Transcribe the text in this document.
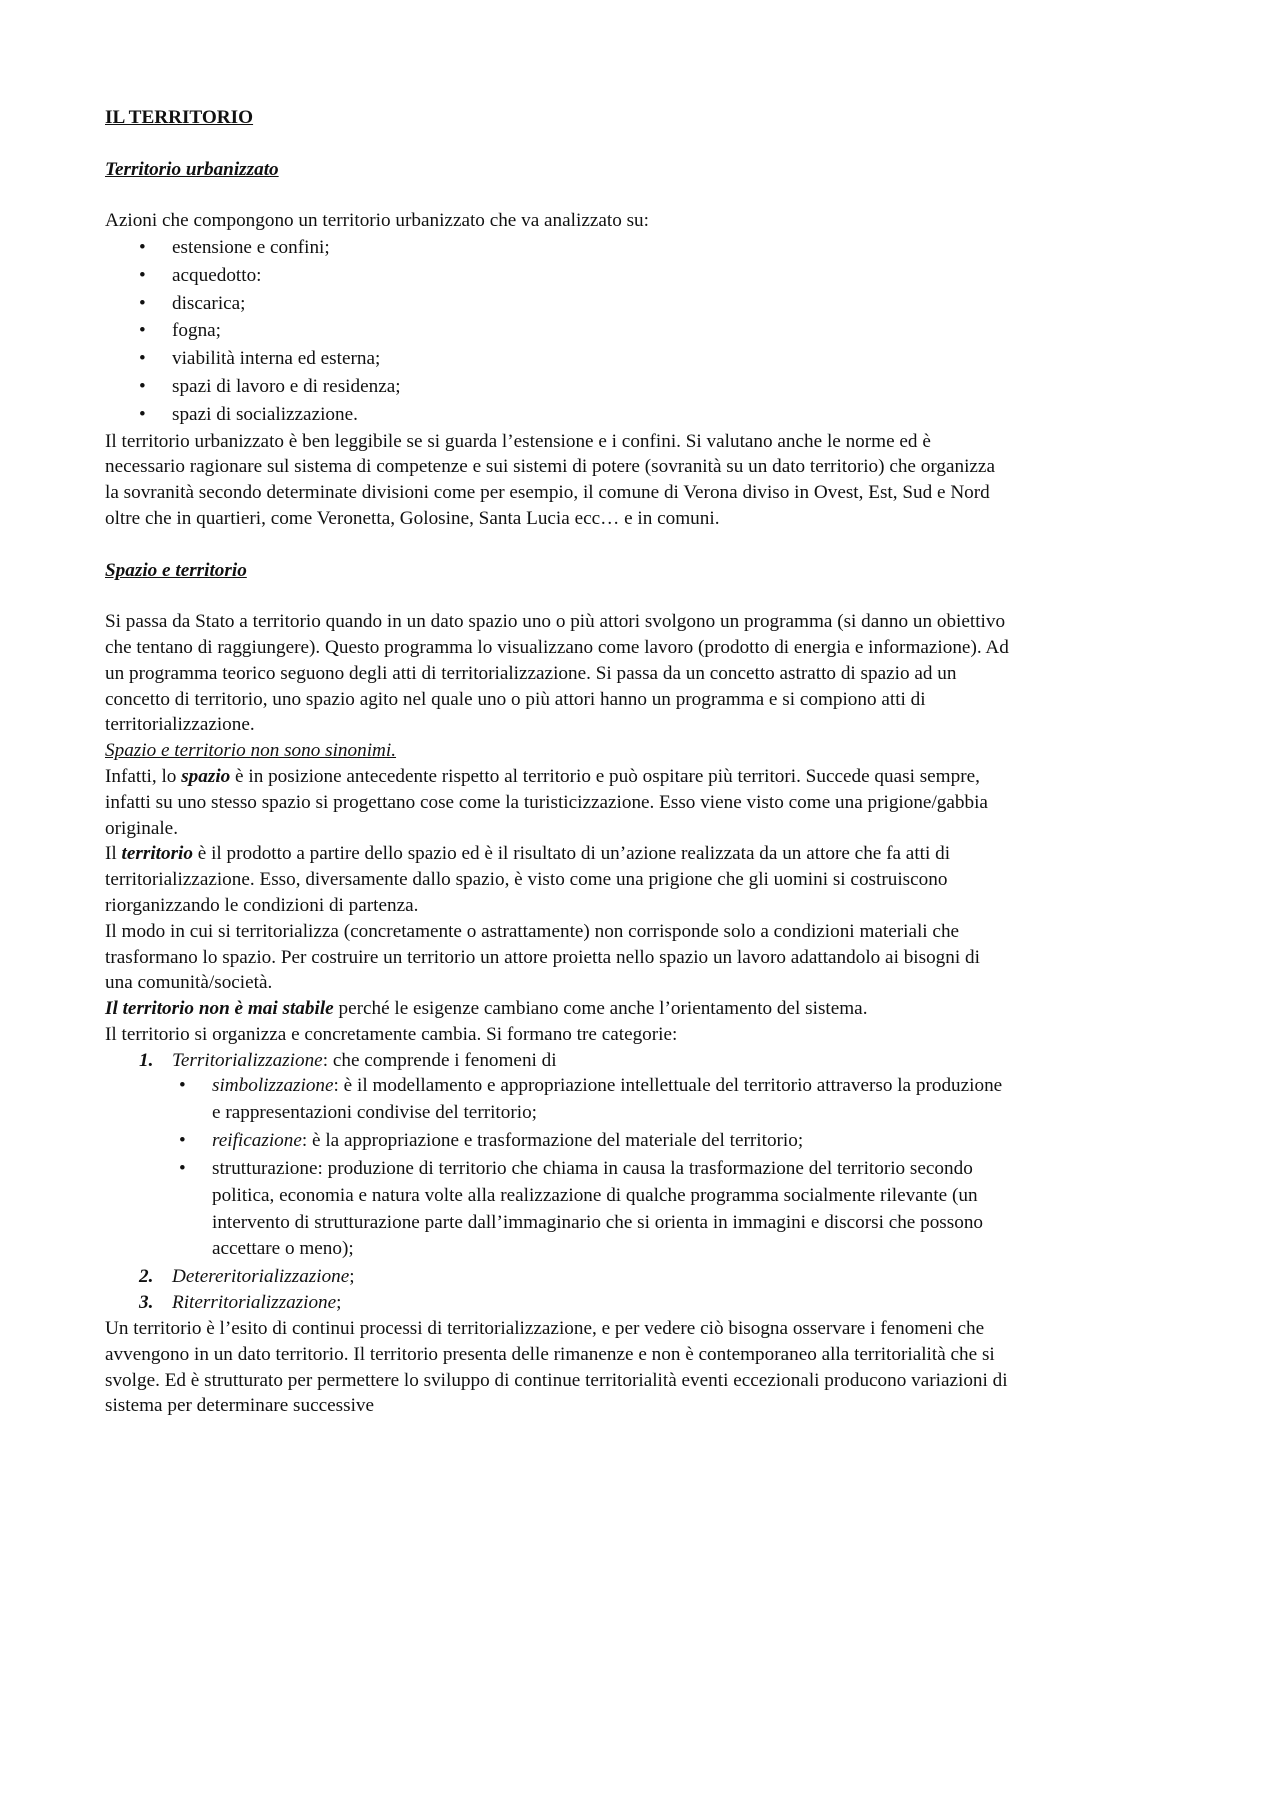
IL TERRITORIO

Territorio urbanizzato

Azioni che compongono un territorio urbanizzato che va analizzato su:

• estensione e confini;
• acquedotto:
• discarica;
• fogna;
• viabilità interna ed esterna;
• spazi di lavoro e di residenza;
• spazi di socializzazione.

Il territorio urbanizzato è ben leggibile se si guarda l’estensione e i confini. Si valutano anche le norme ed è necessario ragionare sul sistema di competenze e sui sistemi di potere (sovranità su un dato territorio) che organizza la sovranità secondo determinate divisioni come per esempio, il comune di Verona diviso in Ovest, Est, Sud e Nord oltre che in quartieri, come Veronetta, Golosine, Santa Lucia ecc… e in comuni.

Spazio e territorio

Si passa da Stato a territorio quando in un dato spazio uno o più attori svolgono un programma (si danno un obiettivo che tentano di raggiungere). Questo programma lo visualizzano come lavoro (prodotto di energia e informazione). Ad un programma teorico seguono degli atti di territorializzazione. Si passa da un concetto astratto di spazio ad un concetto di territorio, uno spazio agito nel quale uno o più attori hanno un programma e si compiono atti di territorializzazione.

Spazio e territorio non sono sinonimi.

Infatti, lo spazio è in posizione antecedente rispetto al territorio e può ospitare più territori. Succede quasi sempre, infatti su uno stesso spazio si progettano cose come la turisticizzazione. Esso viene visto come una prigione/gabbia originale.

Il territorio è il prodotto a partire dello spazio ed è il risultato di un’azione realizzata da un attore che fa atti di territorializzazione. Esso, diversamente dallo spazio, è visto come una prigione che gli uomini si costruiscono riorganizzando le condizioni di partenza.

Il modo in cui si territorializza (concretamente o astrattamente) non corrisponde solo a condizioni materiali che trasformano lo spazio. Per costruire un territorio un attore proietta nello spazio un lavoro adattandolo ai bisogni di una comunità/società.

Il territorio non è mai stabile perché le esigenze cambiano come anche l’orientamento del sistema.

Il territorio si organizza e concretamente cambia. Si formano tre categorie:

1. Territorializzazione: che comprende i fenomeni di
• simbolizzazione: è il modellamento e appropriazione intellettuale del territorio attraverso la produzione e rappresentazioni condivise del territorio;
• reificazione: è la appropriazione e trasformazione del materiale del territorio;
• strutturazione: produzione di territorio che chiama in causa la trasformazione del territorio secondo politica, economia e natura volte alla realizzazione di qualche programma socialmente rilevante (un intervento di strutturazione parte dall’immaginario che si orienta in immagini e discorsi che possono accettare o meno);
2. Detereritorializzazione;
3. Riterritorializzazione;

Un territorio è l’esito di continui processi di territorializzazione, e per vedere ciò bisogna osservare i fenomeni che avvengono in un dato territorio. Il territorio presenta delle rimanenze e non è contemporaneo alla territorialità che si svolge. Ed è strutturato per permettere lo sviluppo di continue territorialità eventi eccezionali producono variazioni di sistema per determinare successive
